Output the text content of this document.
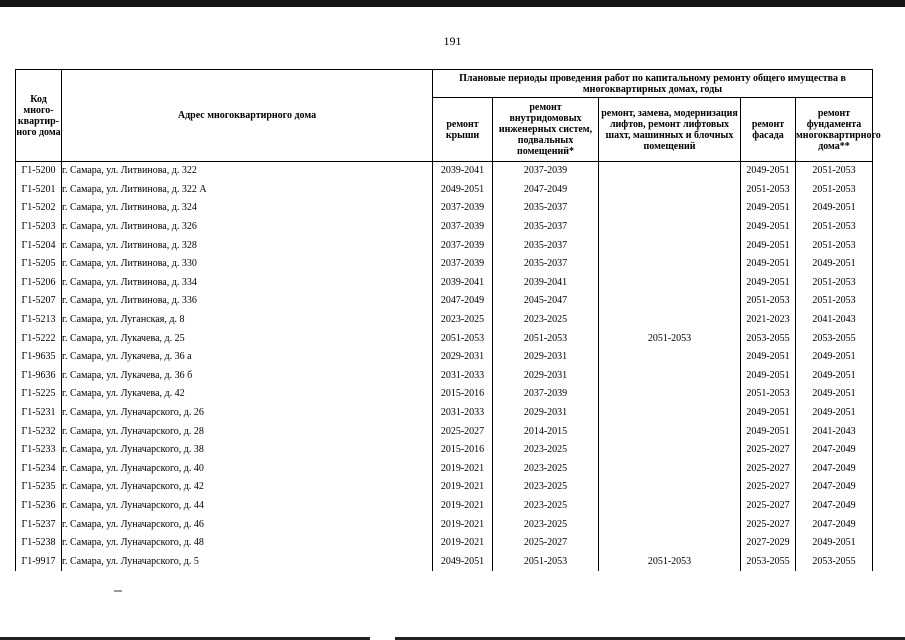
191
Код много-квартир-ного дома	Адрес многоквартирного дома	Плановые периоды проведения работ по капитальному ремонту общего имущества в многоквартирных домах, годы				
		ремонт крыши	ремонт внутридомовых инженерных систем, подвальных помещений*	ремонт, замена, модернизация лифтов, ремонт лифтовых шахт, машинных и блочных помещений	ремонт фасада	ремонт фундамента многоквартирного дома**
Г1-5200	г. Самара, ул. Литвинова, д. 322	2039-2041	2037-2039		2049-2051	2051-2053
Г1-5201	г. Самара, ул. Литвинова, д. 322 А	2049-2051	2047-2049		2051-2053	2051-2053
Г1-5202	г. Самара, ул. Литвинова, д. 324	2037-2039	2035-2037		2049-2051	2049-2051
Г1-5203	г. Самара, ул. Литвинова, д. 326	2037-2039	2035-2037		2049-2051	2051-2053
Г1-5204	г. Самара, ул. Литвинова, д. 328	2037-2039	2035-2037		2049-2051	2051-2053
Г1-5205	г. Самара, ул. Литвинова, д. 330	2037-2039	2035-2037		2049-2051	2049-2051
Г1-5206	г. Самара, ул. Литвинова, д. 334	2039-2041	2039-2041		2049-2051	2051-2053
Г1-5207	г. Самара, ул. Литвинова, д. 336	2047-2049	2045-2047		2051-2053	2051-2053
Г1-5213	г. Самара, ул. Луганская, д. 8	2023-2025	2023-2025		2021-2023	2041-2043
Г1-5222	г. Самара, ул. Лукачева, д. 25	2051-2053	2051-2053	2051-2053	2053-2055	2053-2055
Г1-9635	г. Самара, ул. Лукачева, д. 36 а	2029-2031	2029-2031		2049-2051	2049-2051
Г1-9636	г. Самара, ул. Лукачева, д. 36 б	2031-2033	2029-2031		2049-2051	2049-2051
Г1-5225	г. Самара, ул. Лукачева, д. 42	2015-2016	2037-2039		2051-2053	2049-2051
Г1-5231	г. Самара, ул. Луначарского, д. 26	2031-2033	2029-2031		2049-2051	2049-2051
Г1-5232	г. Самара, ул. Луначарского, д. 28	2025-2027	2014-2015		2049-2051	2041-2043
Г1-5233	г. Самара, ул. Луначарского, д. 38	2015-2016	2023-2025		2025-2027	2047-2049
Г1-5234	г. Самара, ул. Луначарского, д. 40	2019-2021	2023-2025		2025-2027	2047-2049
Г1-5235	г. Самара, ул. Луначарского, д. 42	2019-2021	2023-2025		2025-2027	2047-2049
Г1-5236	г. Самара, ул. Луначарского, д. 44	2019-2021	2023-2025		2025-2027	2047-2049
Г1-5237	г. Самара, ул. Луначарского, д. 46	2019-2021	2023-2025		2025-2027	2047-2049
Г1-5238	г. Самара, ул. Луначарского, д. 48	2019-2021	2025-2027		2027-2029	2049-2051
Г1-9917	г. Самара, ул. Луначарского, д. 5	2049-2051	2051-2053	2051-2053	2053-2055	2053-2055
